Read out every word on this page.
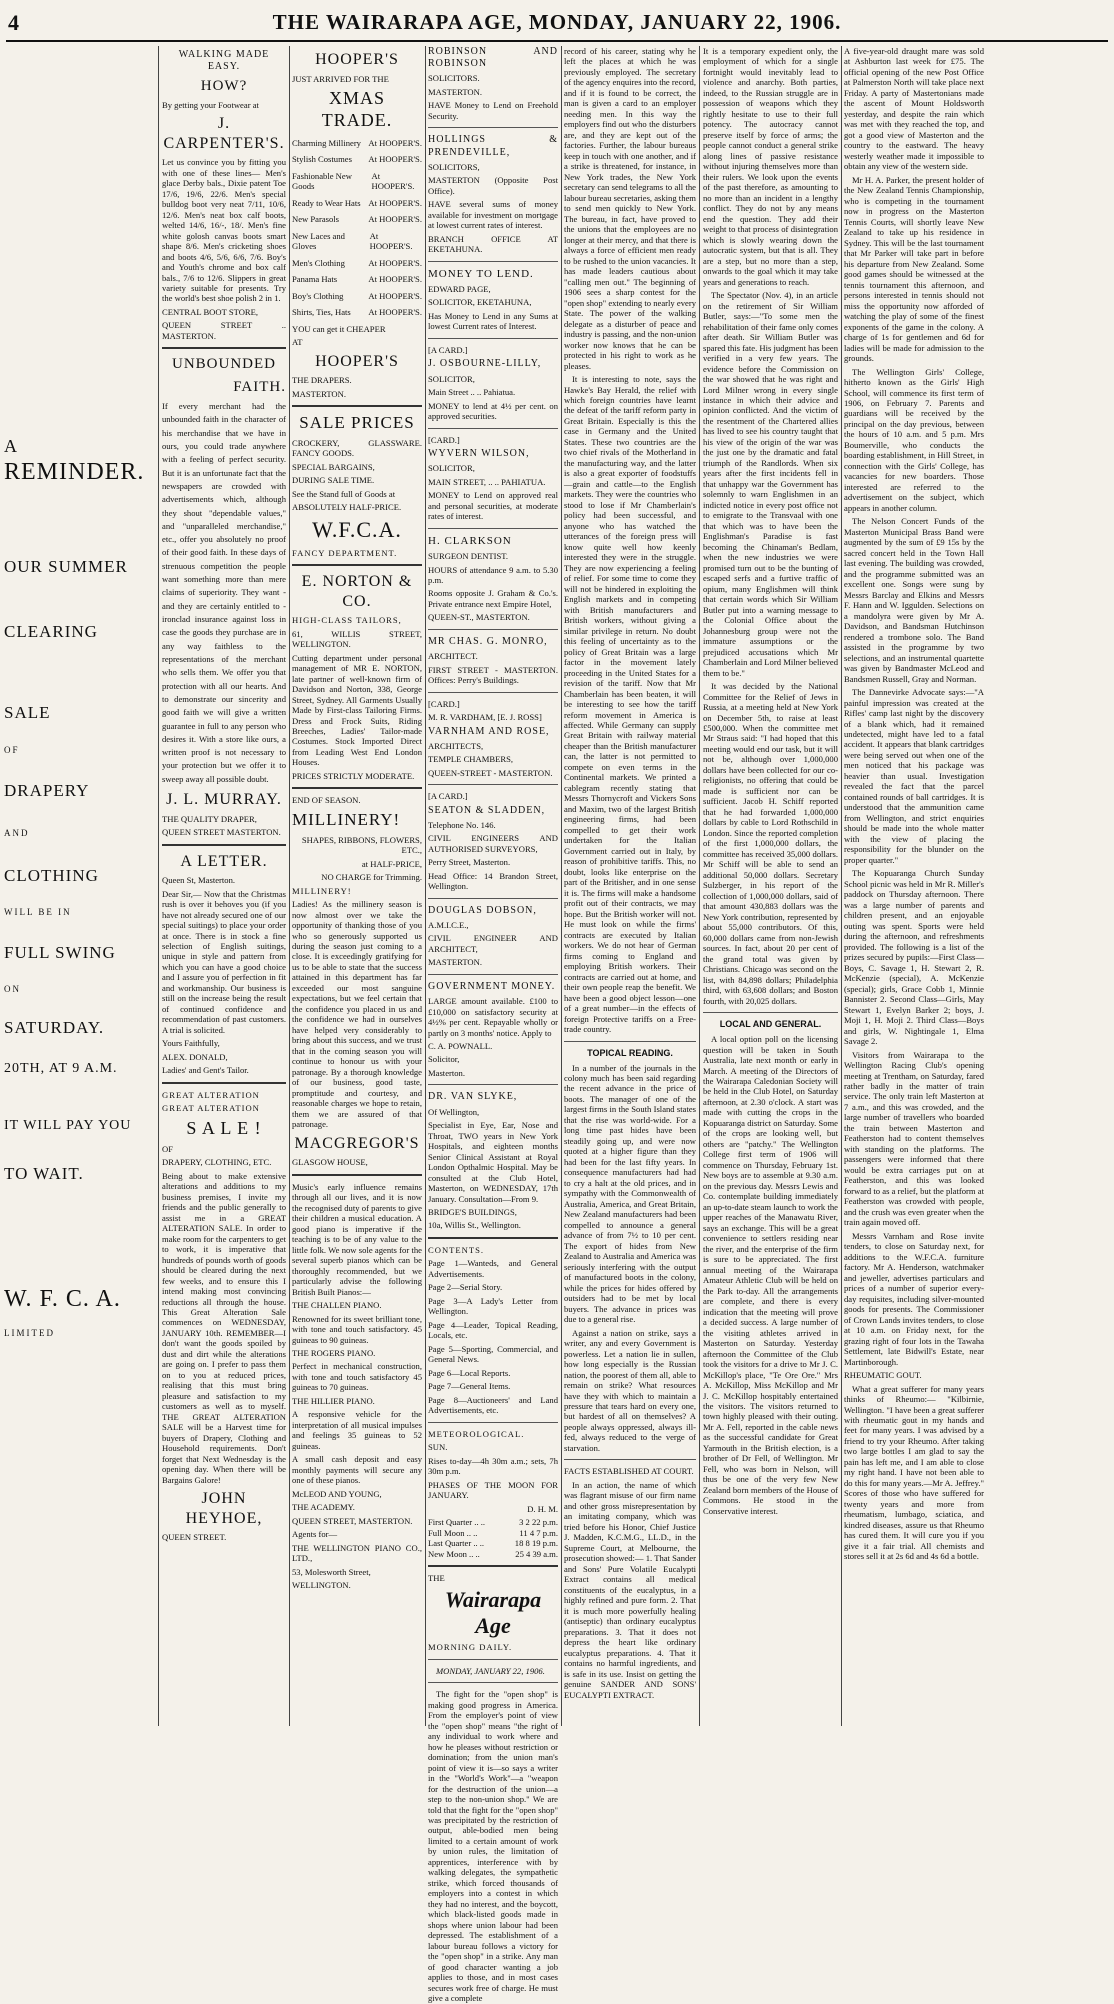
4	THE WAIRARAPA AGE, MONDAY, JANUARY 22, 1906.

A

REMINDER.

OUR SUMMER

CLEARING

SALE

OF

DRAPERY

AND

CLOTHING

WILL BE IN

FULL SWING

ON

SATURDAY.

20TH, AT 9 A.M.

IT WILL PAY YOU

TO WAIT.

W. F. C. A.

LIMITED

WALKING MADE EASY.
HOW?

By getting your Footwear at

J. CARPENTER'S.

Let us convince you by fitting you with one of these lines— Men's glace Derby bals., Dixie patent Toe 17/6, 19/6, 22/6. Men's special bulldog boot very neat 7/11, 10/6, 12/6. Men's neat box calf boots, welted 14/6, 16/-, 18/. Men's fine white golosh canvas boots smart shape 8/6. Men's cricketing shoes and boots 4/6, 5/6, 6/6, 7/6. Boy's and Youth's chrome and box calf bals., 7/6 to 12/6. Slippers in great variety suitable for presents. Try the world's best shoe polish 2 in 1.

CENTRAL BOOT STORE,

QUEEN STREET .. MASTERTON.

UNBOUNDED
FAITH.

If every merchant had the unbounded faith in the character of his merchandise that we have in ours, you could trade anywhere with a feeling of perfect security. But it is an unfortunate fact that the newspapers are crowded with advertisements which, although they shout "dependable values," and "unparalleled merchandise," etc., offer you absolutely no proof of their good faith. In these days of strenuous competition the people want something more than mere claims of superiority. They want - and they are certainly entitled to - ironclad insurance against loss in case the goods they purchase are in any way faithless to the representations of the merchant who sells them. We offer you that protection with all our hearts. And to demonstrate our sincerity and good faith we will give a written guarantee in full to any person who desires it. With a store like ours, a written proof is not necessary to your protection but we offer it to sweep away all possible doubt.

J. L. MURRAY.

THE QUALITY DRAPER,

QUEEN STREET MASTERTON.

A LETTER.

Queen St, Masterton.

Dear Sir,— Now that the Christmas rush is over it behoves you (if you have not already secured one of our special suitings) to place your order at once. There is in stock a fine selection of English suitings, unique in style and pattern from which you can have a good choice and I assure you of perfection in fit and workmanship. Our business is still on the increase being the result of continued confidence and recommendation of past customers. A trial is solicited.

Yours Faithfully,

ALEX. DONALD,

Ladies' and Gent's Tailor.

GREAT ALTERATION

GREAT ALTERATION

S A L E !

OF

DRAPERY, CLOTHING, ETC.

Being about to make extensive alterations and additions to my business premises, I invite my friends and the public generally to assist me in a GREAT ALTERATION SALE. In order to make room for the carpenters to get to work, it is imperative that hundreds of pounds worth of goods should be cleared during the next few weeks, and to ensure this I intend making most convincing reductions all through the house. This Great Alteration Sale commences on WEDNESDAY, JANUARY 10th. REMEMBER—I don't want the goods spoiled by dust and dirt while the alterations are going on. I prefer to pass them on to you at reduced prices, realising that this must bring pleasure and satisfaction to my customers as well as to myself. THE GREAT ALTERATION SALE will be a Harvest time for buyers of Drapery, Clothing and Household requirements. Don't forget that Next Wednesday is the opening day. When there will be Bargains Galore!

JOHN HEYHOE,

QUEEN STREET.

HOOPER'S

JUST ARRIVED FOR THE

XMAS TRADE.
Charming Millinery At HOOPER'S.
Stylish Costumes At HOOPER'S.
Fashionable New Goods
At HOOPER'S.
Ready to Wear Hats At HOOPER'S.
New Parasols	At HOOPER'S.
New Laces and Gloves
At HOOPER'S.
Men's Clothing	At HOOPER'S.
Panama Hats	At HOOPER'S.
Boy's Clothing	At HOOPER'S.
Shirts, Ties, Hats At HOOPER'S.

YOU can get it CHEAPER

AT

HOOPER'S

THE DRAPERS.

MASTERTON.

SALE PRICES

CROCKERY, GLASSWARE. FANCY GOODS.

SPECIAL BARGAINS,

DURING SALE TIME.

See the Stand full of Goods at

ABSOLUTELY HALF-PRICE.

W.F.C.A.

FANCY DEPARTMENT.

E. NORTON & CO.

HIGH-CLASS TAILORS,

61, WILLIS STREET, WELLINGTON.

Cutting department under personal management of MR E. NORTON, late partner of well-known firm of Davidson and Norton, 338, George Street, Sydney. All Garments Usually Made by First-class Tailoring Firms. Dress and Frock Suits, Riding Breeches, Ladies' Tailor-made Costumes. Stock Imported Direct from Leading West End London Houses.

PRICES STRICTLY MODERATE.

END OF SEASON.

MILLINERY!

SHAPES, RIBBONS, FLOWERS, ETC.,

at HALF-PRICE,

NO CHARGE for Trimming.

MILLINERY!

Ladies! As the millinery season is now almost over we take the opportunity of thanking those of you who so generously supported us during the season just coming to a close. It is exceedingly gratifying for us to be able to state that the success attained in this department has far exceeded our most sanguine expectations, but we feel certain that the confidence you placed in us and the confidence we had in ourselves have helped very considerably to bring about this success, and we trust that in the coming season you will continue to honour us with your patronage. By a thorough knowledge of our business, good taste, promptitude and courtesy, and reasonable charges we hope to retain, them we are assured of that patronage.

MACGREGOR'S

GLASGOW HOUSE,

Music's early influence remains through all our lives, and it is now the recognised duty of parents to give their children a musical education. A good piano is imperative if the teaching is to be of any value to the little folk. We now sole agents for the several superb pianos which can be thoroughly recommended, but we particularly advise the following British Built Pianos:—

THE CHALLEN PIANO.

Renowned for its sweet brilliant tone, with tone and touch satisfactory. 45 guineas to 90 guineas.

THE ROGERS PIANO.

Perfect in mechanical construction, with tone and touch satisfactory 45 guineas to 70 guineas.

THE HILLIER PIANO.

A responsive vehicle for the interpretation of all musical impulses and feelings 35 guineas to 52 guineas.

A small cash deposit and easy monthly payments will secure any one of these pianos.

McLEOD AND YOUNG,

THE ACADEMY.

QUEEN STREET, MASTERTON.

Agents for—

THE WELLINGTON PIANO CO., LTD.,

53, Molesworth Street,

WELLINGTON.

ROBINSON AND ROBINSON

SOLICITORS.

MASTERTON.

HAVE Money to Lend on Freehold Security.

HOLLINGS & PRENDEVILLE,

SOLICITORS,

MASTERTON (Opposite Post Office).

HAVE several sums of money available for investment on mortgage at lowest current rates of interest.

BRANCH OFFICE AT EKETAHUNA.

MONEY TO LEND.

EDWARD PAGE,

SOLICITOR, EKETAHUNA,

Has Money to Lend in any Sums at lowest Current rates of Interest.

[A CARD.]

J. OSBOURNE-LILLY,

SOLICITOR,

Main Street .. .. Pahiatua.

MONEY to lend at 4½ per cent. on approved securities.

[CARD.]

WYVERN WILSON,

SOLICITOR,

MAIN STREET, .. .. PAHIATUA.

MONEY to Lend on approved real and personal securities, at moderate rates of interest.

H. CLARKSON

SURGEON DENTIST.

HOURS of attendance 9 a.m. to 5.30 p.m.

Rooms opposite J. Graham & Co.'s. Private entrance next Empire Hotel,

QUEEN-ST., MASTERTON.

MR CHAS. G. MONRO,

ARCHITECT.

FIRST STREET - MASTERTON. Offices: Perry's Buildings.

[CARD.]

M. R. VARDHAM, [E. J. ROSS]

VARNHAM AND ROSE,

ARCHITECTS,

TEMPLE CHAMBERS,

QUEEN-STREET - MASTERTON.

[A CARD.]

SEATON & SLADDEN,

Telephone No. 146.

CIVIL ENGINEERS AND AUTHORISED SURVEYORS,

Perry Street, Masterton.

Head Office: 14 Brandon Street, Wellington.

DOUGLAS DOBSON,

A.M.I.C.E.,

CIVIL ENGINEER AND ARCHITECT,

MASTERTON.

GOVERNMENT MONEY.

LARGE amount available. £100 to £10,000 on satisfactory security at 4½% per cent. Repayable wholly or partly on 3 months' notice. Apply to

C. A. POWNALL.

Solicitor,

Masterton.

DR. VAN SLYKE,

Of Wellington,

Specialist in Eye, Ear, Nose and Throat, TWO years in New York Hospitals, and eighteen months Senior Clinical Assistant at Royal London Opthalmic Hospital. May be consulted at the Club Hotel, Masterton, on WEDNESDAY, 17th January. Consultation—From 9.

BRIDGE'S BUILDINGS,

10a, Willis St., Wellington.

CONTENTS.

Page 1—Wanteds, and General Advertisements.

Page 2—Serial Story.

Page 3—A Lady's Letter from Wellington.

Page 4—Leader, Topical Reading, Locals, etc.

Page 5—Sporting, Commercial, and General News.

Page 6—Local Reports.

Page 7—General Items.

Page 8—Auctioneers' and Land Advertisements, etc.

METEOROLOGICAL.

SUN.

Rises to-day—4h 30m a.m.; sets, 7h 30m p.m.

PHASES OF THE MOON FOR JANUARY.

D. H. M.

First Quarter .. ..	3 2 22 p.m.
Full Moon .. ..	11 4 7 p.m.
Last Quarter .. ..	18 8 19 p.m.
New Moon .. ..	25 4 39 a.m.

THE

Wairarapa Age

MORNING DAILY.

MONDAY, JANUARY 22, 1906.

The fight for the "open shop" is making good progress in America. From the employer's point of view the "open shop" means "the right of any individual to work where and how he pleases without restriction or domination; from the union man's point of view it is—so says a writer in the "World's Work"—a "weapon for the destruction of the union—a step to the non-union shop." We are told that the fight for the "open shop" was precipitated by the restriction of output, able-bodied men being limited to a certain amount of work by union rules, the limitation of apprentices, interference with by walking delegates, the sympathetic strike, which forced thousands of employers into a contest in which they had no interest, and the boycott, which black-listed goods made in shops where union labour had been depressed. The establishment of a labour bureau follows a victory for the "open shop" in a strike. Any man of good character wanting a job applies to those, and in most cases secures work free of charge. He must give a complete

record of his career, stating why he left the places at which he was previously employed. The secretary of the agency enquires into the record, and if it is found to be correct, the man is given a card to an employer needing men. In this way the employers find out who the disturbers are, and they are kept out of the factories. Further, the labour bureaus keep in touch with one another, and if a strike is threatened, for instance, in New York trades, the New York secretary can send telegrams to all the labour bureau secretaries, asking them to send men quickly to New York. The bureau, in fact, have proved to the unions that the employees are no longer at their mercy, and that there is always a force of efficient men ready to be rushed to the union vacancies. It has made leaders cautious about "calling men out." The beginning of 1906 sees a sharp contest for the "open shop" extending to nearly every State. The power of the walking delegate as a disturber of peace and industry is passing, and the non-union worker now knows that he can be protected in his right to work as he pleases.

It is interesting to note, says the Hawke's Bay Herald, the relief with which foreign countries have learnt the defeat of the tariff reform party in Great Britain. Especially is this the case in Germany and the United States. These two countries are the two chief rivals of the Motherland in the manufacturing way, and the latter is also a great exporter of foodstuffs—grain and cattle—to the English markets. They were the countries who stood to lose if Mr Chamberlain's policy had been successful, and anyone who has watched the utterances of the foreign press will know quite well how keenly interested they were in the struggle. They are now experiencing a feeling of relief. For some time to come they will not be hindered in exploiting the English markets and in competing with British manufacturers and British workers, without giving a similar privilege in return. No doubt this feeling of uncertainty as to the policy of Great Britain was a large factor in the movement lately proceeding in the United States for a revision of the tariff. Now that Mr Chamberlain has been beaten, it will be interesting to see how the tariff reform movement in America is affected. While Germany can supply Great Britain with railway material cheaper than the British manufacturer can, the latter is not permitted to compete on even terms in the Continental markets. We printed a cablegram recently stating that Messrs Thornycroft and Vickers Sons and Maxim, two of the largest British engineering firms, had been compelled to get their work undertaken for the Italian Government carried out in Italy, by reason of prohibitive tariffs. This, no doubt, looks like enterprise on the part of the Britisher, and in one sense it is. The firms will make a handsome profit out of their contracts, we may hope. But the British worker will not. He must look on while the firms' contracts are executed by Italian workers. We do not hear of German firms coming to England and employing British workers. Their contracts are carried out at home, and their own people reap the benefit. We have been a good object lesson—one of a great number—in the effects of foreign Protective tariffs on a Free-trade country.

TOPICAL READING.

In a number of the journals in the colony much has been said regarding the recent advance in the price of boots. The manager of one of the largest firms in the South Island states that the rise was world-wide. For a long time past hides have been steadily going up, and were now quoted at a higher figure than they had been for the last fifty years. In consequence manufacturers had had to cry a halt at the old prices, and in sympathy with the Commonwealth of Australia, America, and Great Britain, New Zealand manufacturers had been compelled to announce a general advance of from 7½ to 10 per cent. The export of hides from New Zealand to Australia and America was seriously interfering with the output of manufactured boots in the colony, while the prices for hides offered by outsiders had to be met by local buyers. The advance in prices was due to a general rise.

Against a nation on strike, says a writer, any and every Government is powerless. Let a nation lie in sullen, how long especially is the Russian nation, the poorest of them all, able to remain on strike? What resources have they with which to maintain a pressure that tears hard on every one, but hardest of all on themselves? A people always oppressed, always ill-fed, always reduced to the verge of starvation.

FACTS ESTABLISHED AT COURT.

In an action, the name of which was flagrant misuse of our firm name and other gross misrepresentation by an imitating company, which was tried before his Honor, Chief Justice J. Madden, K.C.M.G., LL.D., in the Supreme Court, at Melbourne, the prosecution showed:— 1. That Sander and Sons' Pure Volatile Eucalypti Extract contains all medical constituents of the eucalyptus, in a highly refined and pure form. 2. That it is much more powerfully healing (antiseptic) than ordinary eucalyptus preparations. 3. That it does not depress the heart like ordinary eucalyptus preparations. 4. That it contains no harmful ingredients, and is safe in its use. Insist on getting the genuine SANDER AND SONS' EUCALYPTI EXTRACT.

It is a temporary expedient only, the employment of which for a single fortnight would inevitably lead to violence and anarchy. Both parties, indeed, to the Russian struggle are in possession of weapons which they rightly hesitate to use to their full potency. The autocracy cannot preserve itself by force of arms; the people cannot conduct a general strike along lines of passive resistance without injuring themselves more than their rulers. We look upon the events of the past therefore, as amounting to no more than an incident in a lengthy conflict. They do not by any means end the question. They add their weight to that process of disintegration which is slowly wearing down the autocratic system, but that is all. They are a step, but no more than a step, onwards to the goal which it may take years and generations to reach.

The Spectator (Nov. 4), in an article on the retirement of Sir William Butler, says:—"To some men the rehabilitation of their fame only comes after death. Sir William Butler was spared this fate. His judgment has been verified in a very few years. The evidence before the Commission on the war showed that he was right and Lord Milner wrong in every single instance in which their advice and opinion conflicted. And the victim of the resentment of the Chartered allies has lived to see his country taught that his view of the origin of the war was the just one by the dramatic and fatal triumph of the Randlords. When six years after the first incidents fell in that unhappy war the Government has solemnly to warn Englishmen in an indicted notice in every post office not to emigrate to the Transvaal with one that which was to have been the Englishman's Paradise is fast becoming the Chinaman's Bedlam, when the new industries we were promised turn out to be the bunting of escaped serfs and a furtive traffic of opium, many Englishmen will think that certain words which Sir William Butler put into a warning message to the Colonial Office about the Johannesburg group were not the immature assumptions or the prejudiced accusations which Mr Chamberlain and Lord Milner believed them to be."

It was decided by the National Committee for the Relief of Jews in Russia, at a meeting held at New York on December 5th, to raise at least £500,000. When the committee met Mr Straus said: "I had hoped that this meeting would end our task, but it will not be, although over 1,000,000 dollars have been collected for our co-religionists, no offering that could be made is sufficient nor can be sufficient. Jacob H. Schiff reported that he had forwarded 1,000,000 dollars by cable to Lord Rothschild in London. Since the reported completion of the first 1,000,000 dollars, the committee has received 35,000 dollars. Mr Schiff will be able to send an additional 50,000 dollars. Secretary Sulzberger, in his report of the collection of 1,000,000 dollars, said of that amount 430,883 dollars was the New York contribution, represented by about 55,000 contributors. Of this, 60,000 dollars came from non-Jewish sources. In fact, about 20 per cent of the grand total was given by Christians. Chicago was second on the list, with 84,898 dollars; Philadelphia third, with 63,608 dollars; and Boston fourth, with 20,025 dollars.

LOCAL AND GENERAL.

A local option poll on the licensing question will be taken in South Australia, late next month or early in March. A meeting of the Directors of the Wairarapa Caledonian Society will be held in the Club Hotel, on Saturday afternoon, at 2.30 o'clock. A start was made with cutting the crops in the Kopuaranga district on Saturday. Some of the crops are looking well, but others are "patchy." The Wellington College first term of 1906 will commence on Thursday, February 1st. New boys are to assemble at 9.30 a.m. on the previous day. Messrs Lewis and Co. contemplate building immediately an up-to-date steam launch to work the upper reaches of the Manawatu River, says an exchange. This will be a great convenience to settlers residing near the river, and the enterprise of the firm is sure to be appreciated. The first annual meeting of the Wairarapa Amateur Athletic Club will be held on the Park to-day. All the arrangements are complete, and there is every indication that the meeting will prove a decided success. A large number of the visiting athletes arrived in Masterton on Saturday. Yesterday afternoon the Committee of the Club took the visitors for a drive to Mr J. C. McKillop's place, "Te Ore Ore." Mrs A. McKillop, Miss McKillop and Mr J. C. McKillop hospitably entertained the visitors. The visitors returned to town highly pleased with their outing. Mr A. Fell, reported in the cable news as the successful candidate for Great Yarmouth in the British election, is a brother of Dr Fell, of Wellington. Mr Fell, who was born in Nelson, will thus be one of the very few New Zealand born members of the House of Commons. He stood in the Conservative interest.

A five-year-old draught mare was sold at Ashburton last week for £75. The official opening of the new Post Office at Palmerston North will take place next Friday. A party of Mastertonians made the ascent of Mount Holdsworth yesterday, and despite the rain which was met with they reached the top, and got a good view of Masterton and the country to the eastward. The heavy westerly weather made it impossible to obtain any view of the western side.

Mr H. A. Parker, the present holder of the New Zealand Tennis Championship, who is competing in the tournament now in progress on the Masterton Tennis Courts, will shortly leave New Zealand to take up his residence in Sydney. This will be the last tournament that Mr Parker will take part in before his departure from New Zealand. Some good games should be witnessed at the tennis tournament this afternoon, and persons interested in tennis should not miss the opportunity now afforded of watching the play of some of the finest exponents of the game in the colony. A charge of 1s for gentlemen and 6d for ladies will be made for admission to the grounds.

The Wellington Girls' College, hitherto known as the Girls' High School, will commence its first term of 1906, on February 7. Parents and guardians will be received by the principal on the day previous, between the hours of 10 a.m. and 5 p.m. Mrs Boumerville, who conducts the boarding establishment, in Hill Street, in connection with the Girls' College, has vacancies for new boarders. Those interested are referred to the advertisement on the subject, which appears in another column.

The Nelson Concert Funds of the Masterton Municipal Brass Band were augmented by the sum of £9 15s by the sacred concert held in the Town Hall last evening. The building was crowded, and the programme submitted was an excellent one. Songs were sung by Messrs Barclay and Elkins and Messrs F. Hann and W. Iggulden. Selections on a mandolyra were given by Mr A. Davidson, and Bandsman Hutchinson rendered a trombone solo. The Band assisted in the programme by two selections, and an instrumental quartette was given by Bandmaster McLeod and Bandsmen Russell, Gray and Norman.

The Dannevirke Advocate says:—"A painful impression was created at the Rifles' camp last night by the discovery of a blank which, had it remained undetected, might have led to a fatal accident. It appears that blank cartridges were being served out when one of the men noticed that his package was heavier than usual. Investigation revealed the fact that the parcel contained rounds of ball cartridges. It is understood that the ammunition came from Wellington, and strict enquiries should be made into the whole matter with the view of placing the responsibility for the blunder on the proper quarter."

The Kopuaranga Church Sunday School picnic was held in Mr R. Miller's paddock on Thursday afternoon. There was a large number of parents and children present, and an enjoyable outing was spent. Sports were held during the afternoon, and refreshments provided. The following is a list of the prizes secured by pupils:—First Class—Boys, C. Savage 1, H. Stewart 2, R. McKenzie (special), A. McKenzie (special); girls, Grace Cobb 1, Minnie Bannister 2. Second Class—Girls, May Stewart 1, Evelyn Barker 2; boys, J. Moji 1, H. Moji 2. Third Class—Boys and girls, W. Nightingale 1, Elma Savage 2.

Visitors from Wairarapa to the Wellington Racing Club's opening meeting at Trentham, on Saturday, fared rather badly in the matter of train service. The only train left Masterton at 7 a.m., and this was crowded, and the large number of travellers who boarded the train between Masterton and Featherston had to content themselves with standing on the platforms. The passengers were informed that there would be extra carriages put on at Featherston, and this was looked forward to as a relief, but the platform at Featherston was crowded with people, and the crush was even greater when the train again moved off.

Messrs Varnham and Rose invite tenders, to close on Saturday next, for additions to the W.F.C.A. furniture factory. Mr A. Henderson, watchmaker and jeweller, advertises particulars and prices of a number of superior every-day requisites, including silver-mounted goods for presents. The Commissioner of Crown Lands invites tenders, to close at 10 a.m. on Friday next, for the grazing right of four lots in the Tawaha Settlement, late Bidwill's Estate, near Martinborough.

RHEUMATIC GOUT.

What a great sufferer for many years thinks of Rheumo:— "Kilbirnie, Wellington. "I have been a great sufferer with rheumatic gout in my hands and feet for many years. I was advised by a friend to try your Rheumo. After taking two large bottles I am glad to say the pain has left me, and I am able to close my right hand. I have not been able to do this for many years.—Mr A. Jeffrey." Scores of those who have suffered for twenty years and more from rheumatism, lumbago, sciatica, and kindred diseases, assure us that Rheumo has cured them. It will cure you if you give it a fair trial. All chemists and stores sell it at 2s 6d and 4s 6d a bottle.
